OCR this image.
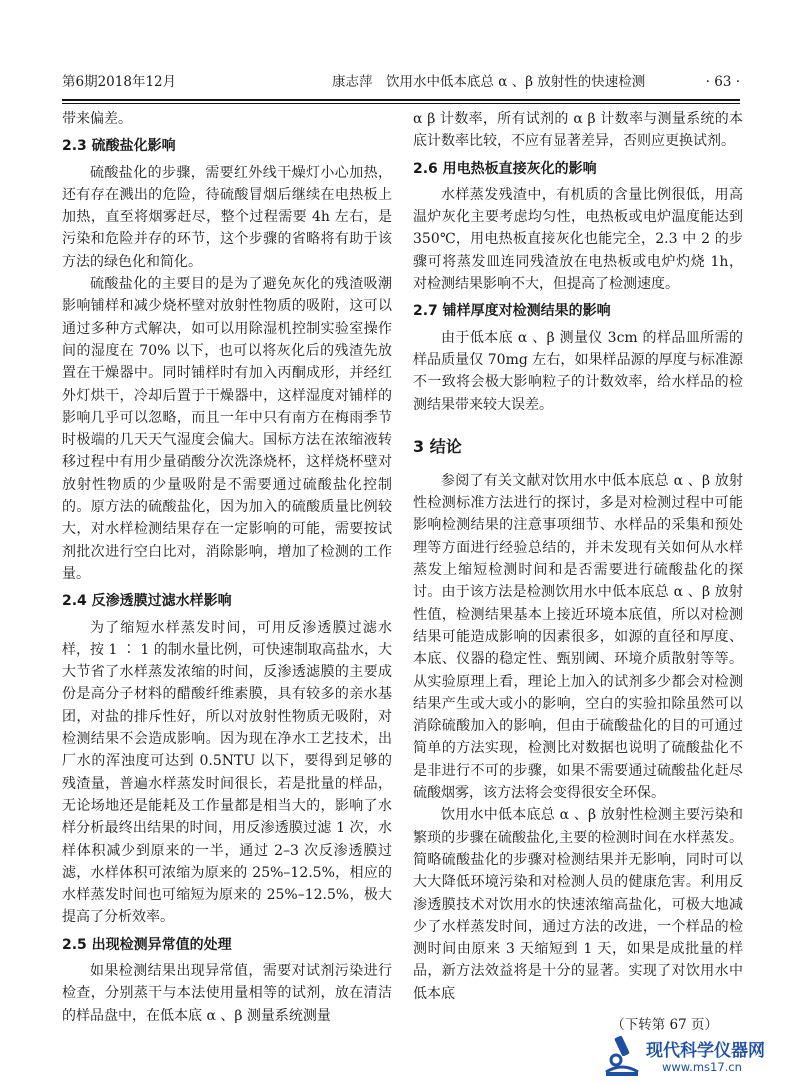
第6期2018年12月	康志萍　饮用水中低本底总 α 、β 放射性的快速检测	· 63 ·

带来偏差。

2.3 硫酸盐化影响

硫酸盐化的步骤，需要红外线干燥灯小心加热，还有存在溅出的危险，待硫酸冒烟后继续在电热板上加热，直至将烟雾赶尽，整个过程需要 4h 左右，是污染和危险并存的环节，这个步骤的省略将有助于该方法的绿色化和简化。

硫酸盐化的主要目的是为了避免灰化的残渣吸潮影响铺样和减少烧杯壁对放射性物质的吸附，这可以通过多种方式解决，如可以用除湿机控制实验室操作间的湿度在 70% 以下，也可以将灰化后的残渣先放置在干燥器中。同时铺样时有加入丙酮成形，并经红外灯烘干，冷却后置于干燥器中，这样湿度对铺样的影响几乎可以忽略，而且一年中只有南方在梅雨季节时极端的几天天气湿度会偏大。国标方法在浓缩液转移过程中有用少量硝酸分次洗涤烧杯，这样烧杯壁对放射性物质的少量吸附是不需要通过硫酸盐化控制的。原方法的硫酸盐化，因为加入的硫酸质量比例较大，对水样检测结果存在一定影响的可能，需要按试剂批次进行空白比对，消除影响，增加了检测的工作量。

2.4 反渗透膜过滤水样影响

为了缩短水样蒸发时间，可用反渗透膜过滤水样，按 1 ∶ 1 的制水量比例，可快速制取高盐水，大大节省了水样蒸发浓缩的时间，反渗透滤膜的主要成份是高分子材料的醋酸纤维素膜，具有较多的亲水基团，对盐的排斥性好，所以对放射性物质无吸附，对检测结果不会造成影响。因为现在净水工艺技术，出厂水的浑浊度可达到 0.5NTU 以下，要得到足够的残渣量，普遍水样蒸发时间很长，若是批量的样品，无论场地还是能耗及工作量都是相当大的，影响了水样分析最终出结果的时间，用反渗透膜过滤 1 次，水样体积减少到原来的一半，通过 2–3 次反渗透膜过滤，水样体积可浓缩为原来的 25%–12.5%，相应的水样蒸发时间也可缩短为原来的 25%–12.5%，极大提高了分析效率。

2.5 出现检测异常值的处理

如果检测结果出现异常值，需要对试剂污染进行检查，分别蒸干与本法使用量相等的试剂，放在清洁的样品盘中，在低本底 α 、β 测量系统测量

α β 计数率，所有试剂的 α β 计数率与测量系统的本底计数率比较，不应有显著差异，否则应更换试剂。

2.6 用电热板直接灰化的影响

水样蒸发残渣中，有机质的含量比例很低，用高温炉灰化主要考虑均匀性，电热板或电炉温度能达到 350℃，用电热板直接灰化也能完全，2.3 中 2 的步骤可将蒸发皿连同残渣放在电热板或电炉灼烧 1h，对检测结果影响不大，但提高了检测速度。

2.7 铺样厚度对检测结果的影响

由于低本底 α 、β 测量仪 3cm 的样品皿所需的样品质量仅 70mg 左右，如果样品源的厚度与标准源不一致将会极大影响粒子的计数效率，给水样品的检测结果带来较大误差。

3 结论

参阅了有关文献对饮用水中低本底总 α 、β 放射性检测标准方法进行的探讨，多是对检测过程中可能影响检测结果的注意事项细节、水样品的采集和预处理等方面进行经验总结的，并未发现有关如何从水样蒸发上缩短检测时间和是否需要进行硫酸盐化的探讨。由于该方法是检测饮用水中低本底总 α 、β 放射性值，检测结果基本上接近环境本底值，所以对检测结果可能造成影响的因素很多，如源的直径和厚度、本底、仪器的稳定性、甄别阈、环境介质散射等等。从实验原理上看，理论上加入的试剂多少都会对检测结果产生或大或小的影响，空白的实验扣除虽然可以消除硫酸加入的影响，但由于硫酸盐化的目的可通过简单的方法实现，检测比对数据也说明了硫酸盐化不是非进行不可的步骤，如果不需要通过硫酸盐化赶尽硫酸烟雾，该方法将会变得很安全环保。

饮用水中低本底总 α 、β 放射性检测主要污染和繁琐的步骤在硫酸盐化,主要的检测时间在水样蒸发。简略硫酸盐化的步骤对检测结果并无影响，同时可以大大降低环境污染和对检测人员的健康危害。利用反渗透膜技术对饮用水的快速浓缩高盐化，可极大地减少了水样蒸发时间，通过方法的改进，一个样品的检测时间由原来 3 天缩短到 1 天，如果是成批量的样品，新方法效益将是十分的显著。实现了对饮用水中低本底

（下转第 67 页）
现代科学仪器网
www.ms17.cn
